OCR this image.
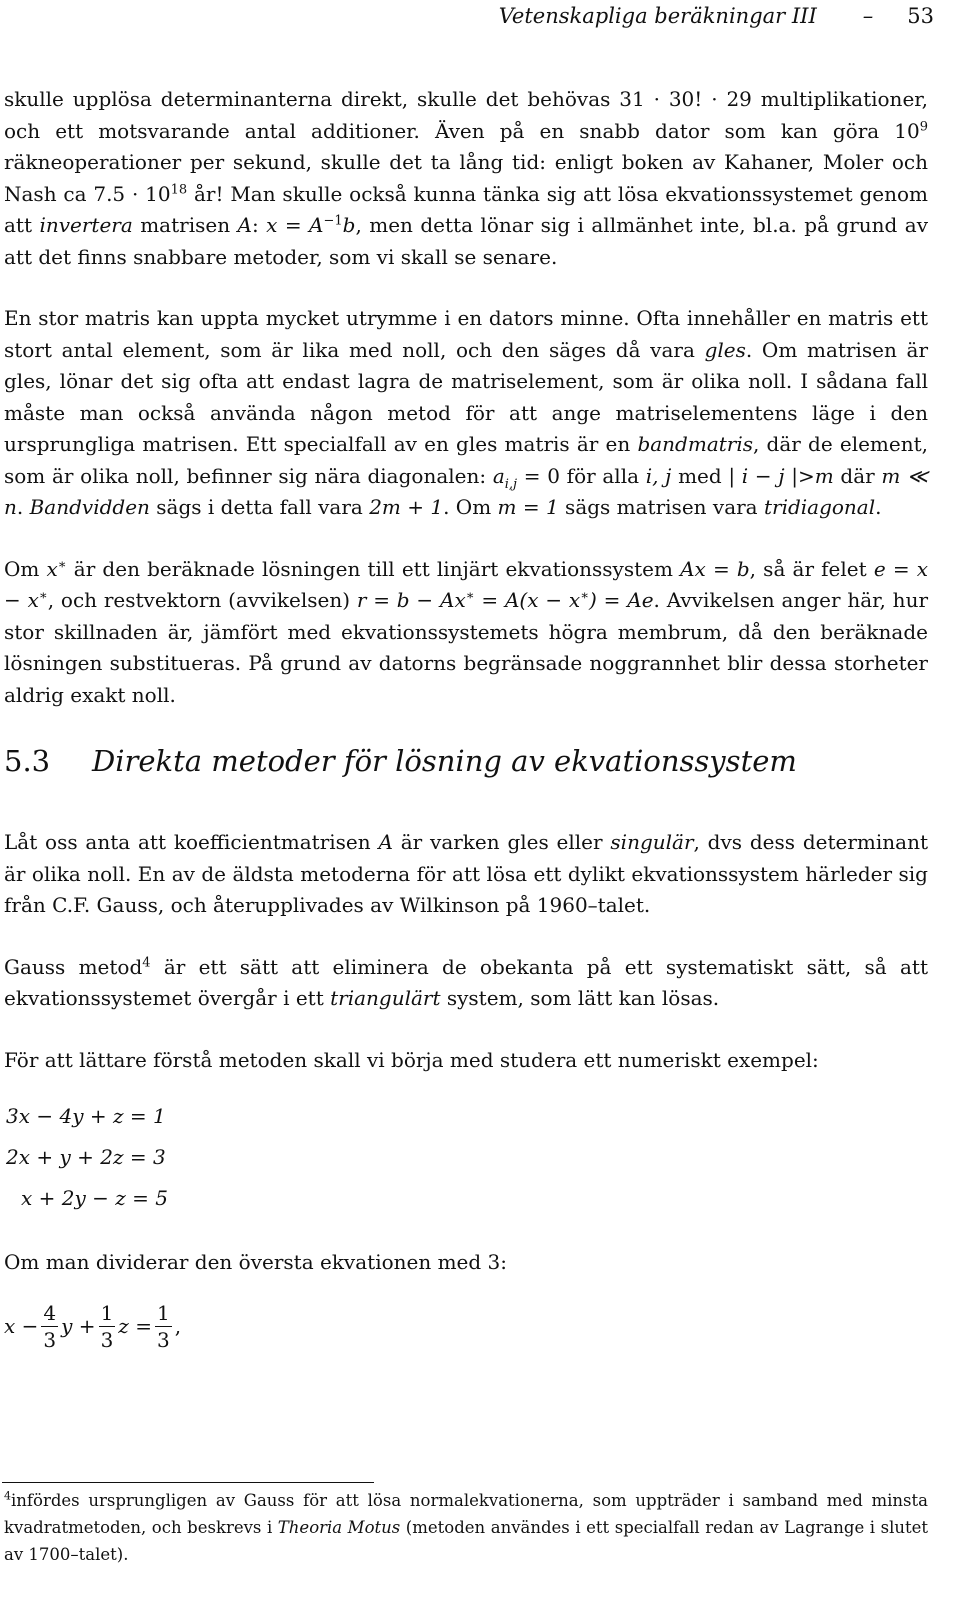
Vetenskapliga beräkningar III – 53

skulle upplösa determinanterna direkt, skulle det behövas 31 · 30! · 29 multiplikationer, och ett motsvarande antal additioner. Även på en snabb dator som kan göra $10^9$ räkneoperationer per sekund, skulle det ta lång tid: enligt boken av Kahaner, Moler och Nash ca $7.5 \cdot 10^{18}$ år! Man skulle också kunna tänka sig att lösa ekvationssystemet genom att invertera matrisen A: $x = A^{-1}b$, men detta lönar sig i allmänhet inte, bl.a. på grund av att det finns snabbare metoder, som vi skall se senare.

En stor matris kan uppta mycket utrymme i en dators minne. Ofta innehåller en matris ett stort antal element, som är lika med noll, och den säges då vara gles. Om matrisen är gles, lönar det sig ofta att endast lagra de matriselement, som är olika noll. I sådana fall måste man också använda någon metod för att ange matriselementens läge i den ursprungliga matrisen. Ett specialfall av en gles matris är en bandmatris, där de element, som är olika noll, befinner sig nära diagonalen: $a_{i,j} = 0$ för alla i, j med | i − j |>m där m ≪ n. Bandvidden sägs i detta fall vara 2m + 1. Om m = 1 sägs matrisen vara tridiagonal.

Om x∗ är den beräknade lösningen till ett linjärt ekvationssystem Ax = b, så är felet e = x − x∗, och restvektorn (avvikelsen) r = b − Ax∗ = A(x − x∗) = Ae. Avvikelsen anger här, hur stor skillnaden är, jämfört med ekvationssystemets högra membrum, då den beräknade lösningen substitueras. På grund av datorns begränsade noggrannhet blir dessa storheter aldrig exakt noll.

5.3 Direkta metoder för lösning av ekvationssystem

Låt oss anta att koefficientmatrisen A är varken gles eller singulär, dvs dess determinant är olika noll. En av de äldsta metoderna för att lösa ett dylikt ekvationssystem härleder sig från C.F. Gauss, och återupplivades av Wilkinson på 1960–talet.

Gauss metod$^4$ är ett sätt att eliminera de obekanta på ett systematiskt sätt, så att ekvationssystemet övergår i ett triangulärt system, som lätt kan lösas.

För att lättare förstå metoden skall vi börja med studera ett numeriskt exempel:

3x − 4y + z = 1
2x + y + 2z = 3
x + 2y − z = 5

Om man dividerar den översta ekvationen med 3:

$x - \frac{4}{3}$ $y + \frac{1}{3}$ $z = \frac{1}{3}$ ,
$^4$infördes ursprungligen av Gauss för att lösa normalekvationerna, som uppträder i samband med minsta kvadratmetoden, och beskrevs i Theoria Motus (metoden användes i ett specialfall redan av Lagrange i slutet av 1700–talet).
